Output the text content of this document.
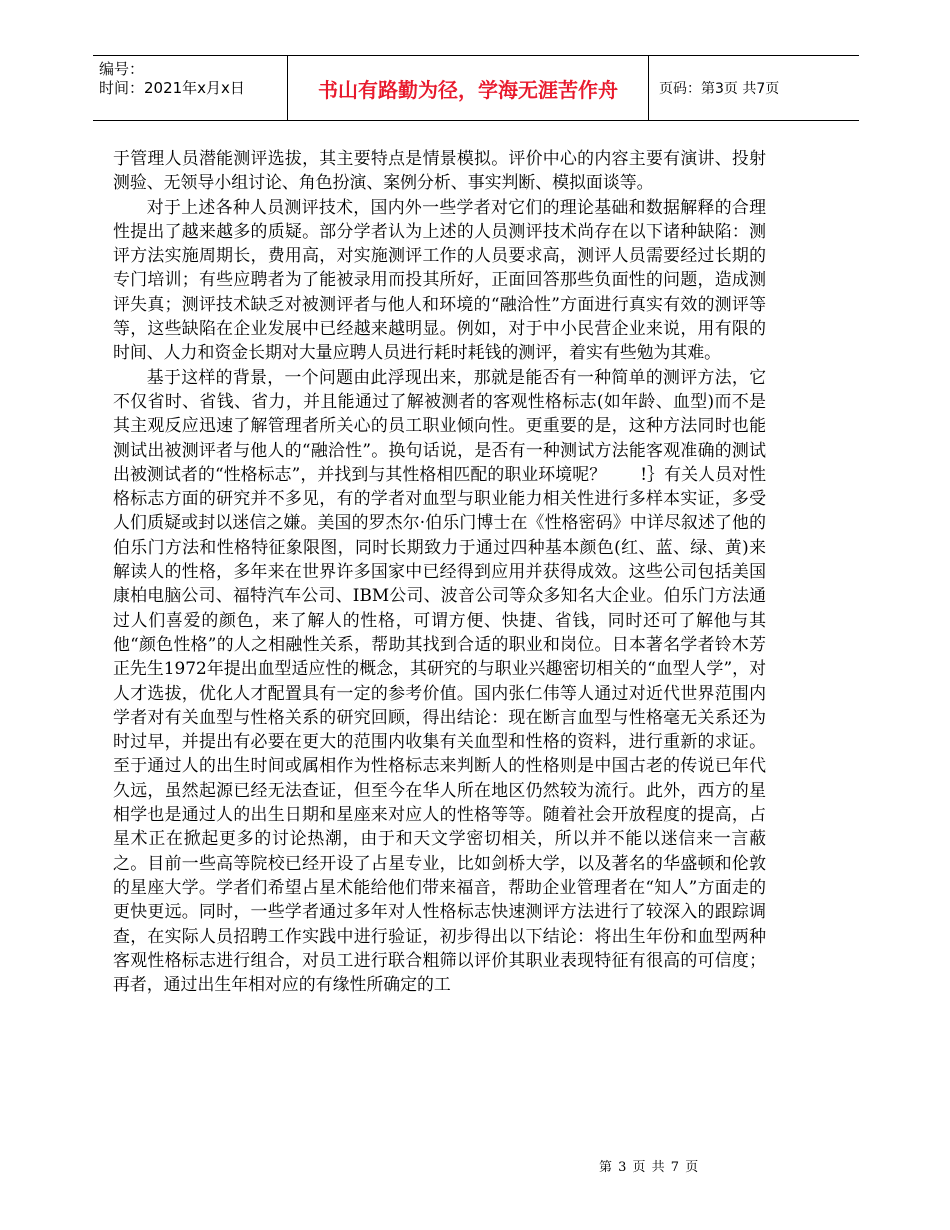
编号：
时间：2021年x月x日	书山有路勤为径，学海无涯苦作舟	页码：第3页 共7页

于管理人员潜能测评选拔，其主要特点是情景模拟。评价中心的内容主要有演讲、投射测验、无领导小组讨论、角色扮演、案例分析、事实判断、模拟面谈等。

对于上述各种人员测评技术，国内外一些学者对它们的理论基础和数据解释的合理性提出了越来越多的质疑。部分学者认为上述的人员测评技术尚存在以下诸种缺陷：测评方法实施周期长，费用高，对实施测评工作的人员要求高，测评人员需要经过长期的专门培训；有些应聘者为了能被录用而投其所好，正面回答那些负面性的问题，造成测评失真；测评技术缺乏对被测评者与他人和环境的“融洽性”方面进行真实有效的测评等等，这些缺陷在企业发展中已经越来越明显。例如，对于中小民营企业来说，用有限的时间、人力和资金长期对大量应聘人员进行耗时耗钱的测评，着实有些勉为其难。

基于这样的背景，一个问题由此浮现出来，那就是能否有一种简单的测评方法，它不仅省时、省钱、省力，并且能通过了解被测者的客观性格标志(如年龄、血型)而不是其主观反应迅速了解管理者所关心的员工职业倾向性。更重要的是，这种方法同时也能测试出被测评者与他人的“融洽性”。换句话说，是否有一种测试方法能客观准确的测试出被测试者的“性格标志”，并找到与其性格相匹配的职业环境呢？　　!｝有关人员对性格标志方面的研究并不多见，有的学者对血型与职业能力相关性进行多样本实证，多受人们质疑或封以迷信之嫌。美国的罗杰尔·伯乐门博士在《性格密码》中详尽叙述了他的伯乐门方法和性格特征象限图，同时长期致力于通过四种基本颜色(红、蓝、绿、黄)来解读人的性格，多年来在世界许多国家中已经得到应用并获得成效。这些公司包括美国康柏电脑公司、福特汽车公司、IBM公司、波音公司等众多知名大企业。伯乐门方法通过人们喜爱的颜色，来了解人的性格，可谓方便、快捷、省钱，同时还可了解他与其他“颜色性格”的人之相融性关系，帮助其找到合适的职业和岗位。日本著名学者铃木芳正先生1972年提出血型适应性的概念，其研究的与职业兴趣密切相关的“血型人学”，对人才选拔，优化人才配置具有一定的参考价值。国内张仁伟等人通过对近代世界范围内学者对有关血型与性格关系的研究回顾，得出结论：现在断言血型与性格毫无关系还为时过早，并提出有必要在更大的范围内收集有关血型和性格的资料，进行重新的求证。至于通过人的出生时间或属相作为性格标志来判断人的性格则是中国古老的传说已年代久远，虽然起源已经无法查证，但至今在华人所在地区仍然较为流行。此外，西方的星相学也是通过人的出生日期和星座来对应人的性格等等。随着社会开放程度的提高，占星术正在掀起更多的讨论热潮，由于和天文学密切相关，所以并不能以迷信来一言蔽之。目前一些高等院校已经开设了占星专业，比如剑桥大学，以及著名的华盛顿和伦敦的星座大学。学者们希望占星术能给他们带来福音，帮助企业管理者在“知人”方面走的更快更远。同时，一些学者通过多年对人性格标志快速测评方法进行了较深入的跟踪调查，在实际人员招聘工作实践中进行验证，初步得出以下结论：将出生年份和血型两种客观性格标志进行组合，对员工进行联合粗筛以评价其职业表现特征有很高的可信度；再者，通过出生年相对应的有缘性所确定的工

第 3 页 共 7 页
